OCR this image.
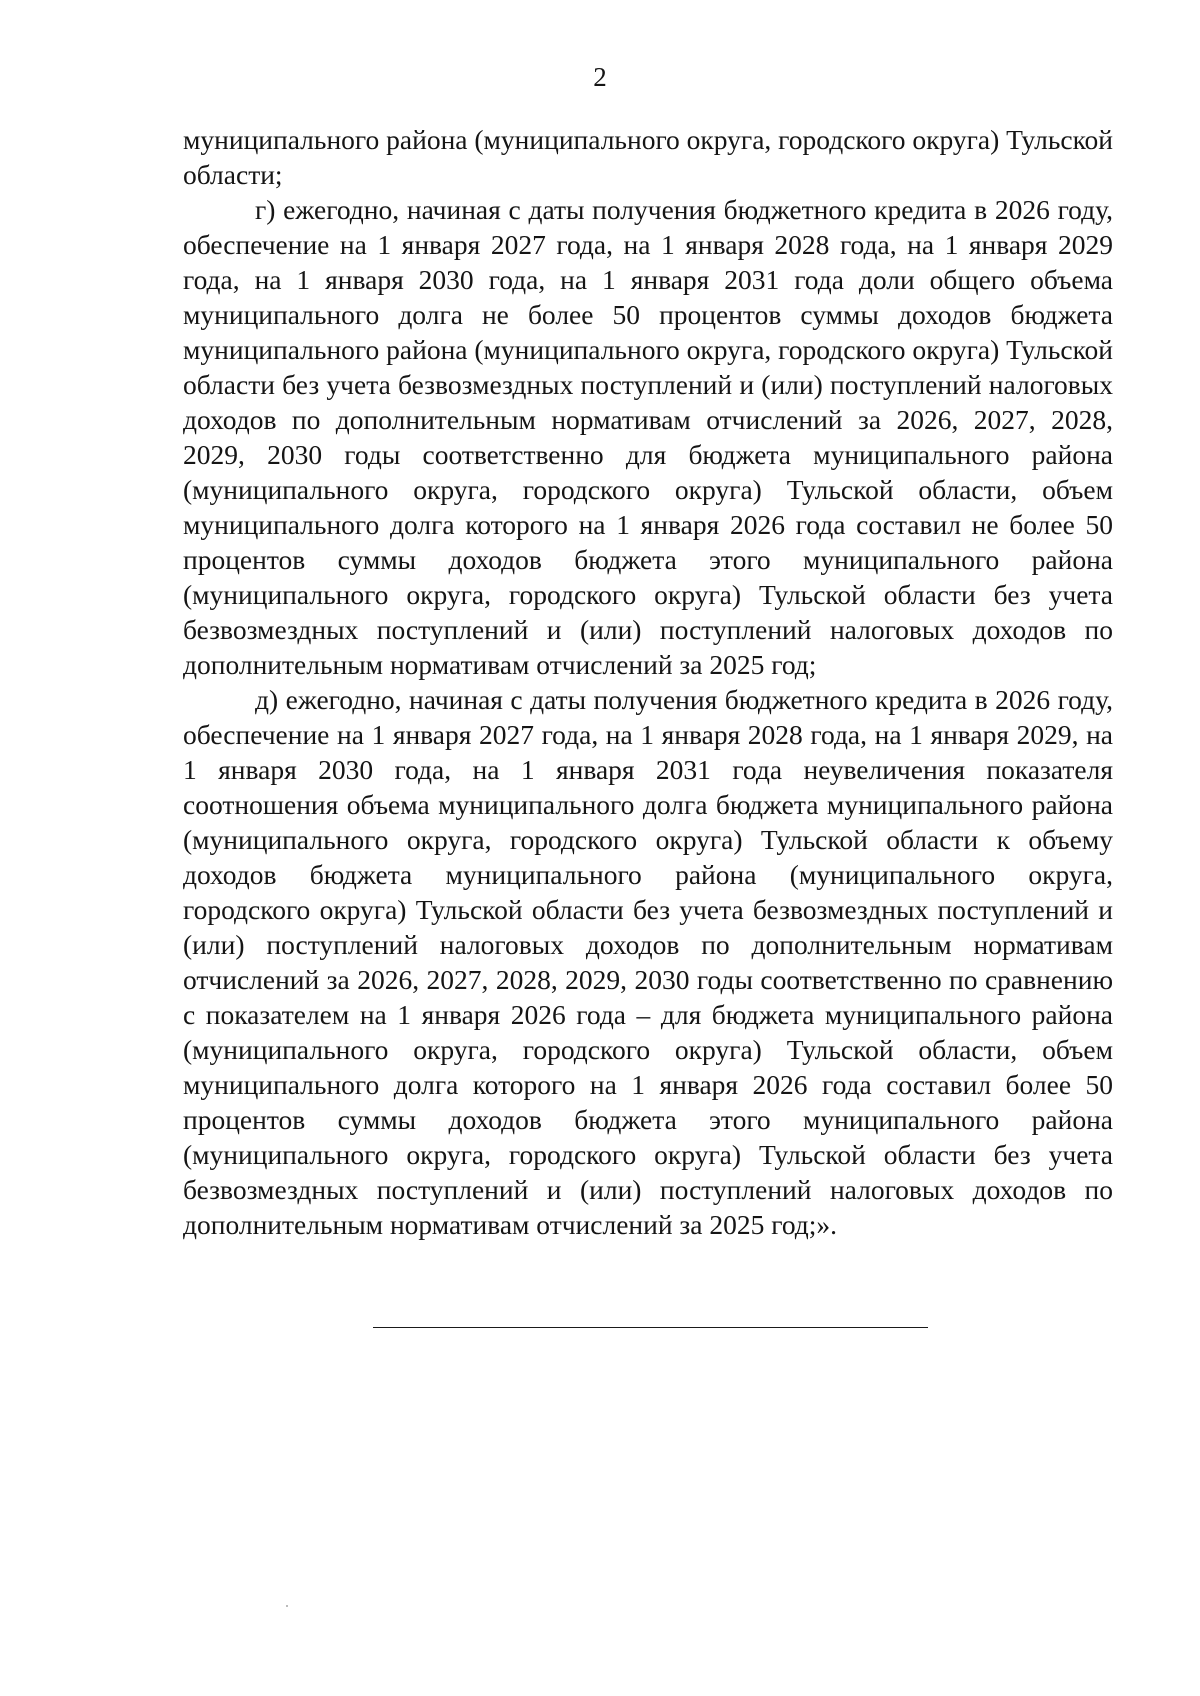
2

муниципального района (муниципального округа, городского округа) Тульской области;

г) ежегодно, начиная с даты получения бюджетного кредита в 2026 году, обеспечение на 1 января 2027 года, на 1 января 2028 года, на 1 января 2029 года, на 1 января 2030 года, на 1 января 2031 года доли общего объема муниципального долга не более 50 процентов суммы доходов бюджета муниципального района (муниципального округа, городского округа) Тульской области без учета безвозмездных поступлений и (или) поступлений налоговых доходов по дополнительным нормативам отчислений за 2026, 2027, 2028, 2029, 2030 годы соответственно для бюджета муниципального района (муниципального округа, городского округа) Тульской области, объем муниципального долга которого на 1 января 2026 года составил не более 50 процентов суммы доходов бюджета этого муниципального района (муниципального округа, городского округа) Тульской области без учета безвозмездных поступлений и (или) поступлений налоговых доходов по дополнительным нормативам отчислений за 2025 год;

д) ежегодно, начиная с даты получения бюджетного кредита в 2026 году, обеспечение на 1 января 2027 года, на 1 января 2028 года, на 1 января 2029, на 1 января 2030 года, на 1 января 2031 года неувеличения показателя соотношения объема муниципального долга бюджета муниципального района (муниципального округа, городского округа) Тульской области к объему доходов бюджета муниципального района (муниципального округа, городского округа) Тульской области без учета безвозмездных поступлений и (или) поступлений налоговых доходов по дополнительным нормативам отчислений за 2026, 2027, 2028, 2029, 2030 годы соответственно по сравнению с показателем на 1 января 2026 года – для бюджета муниципального района (муниципального округа, городского округа) Тульской области, объем муниципального долга которого на 1 января 2026 года составил более 50 процентов суммы доходов бюджета этого муниципального района (муниципального округа, городского округа) Тульской области без учета безвозмездных поступлений и (или) поступлений налоговых доходов по дополнительным нормативам отчислений за 2025 год;».
